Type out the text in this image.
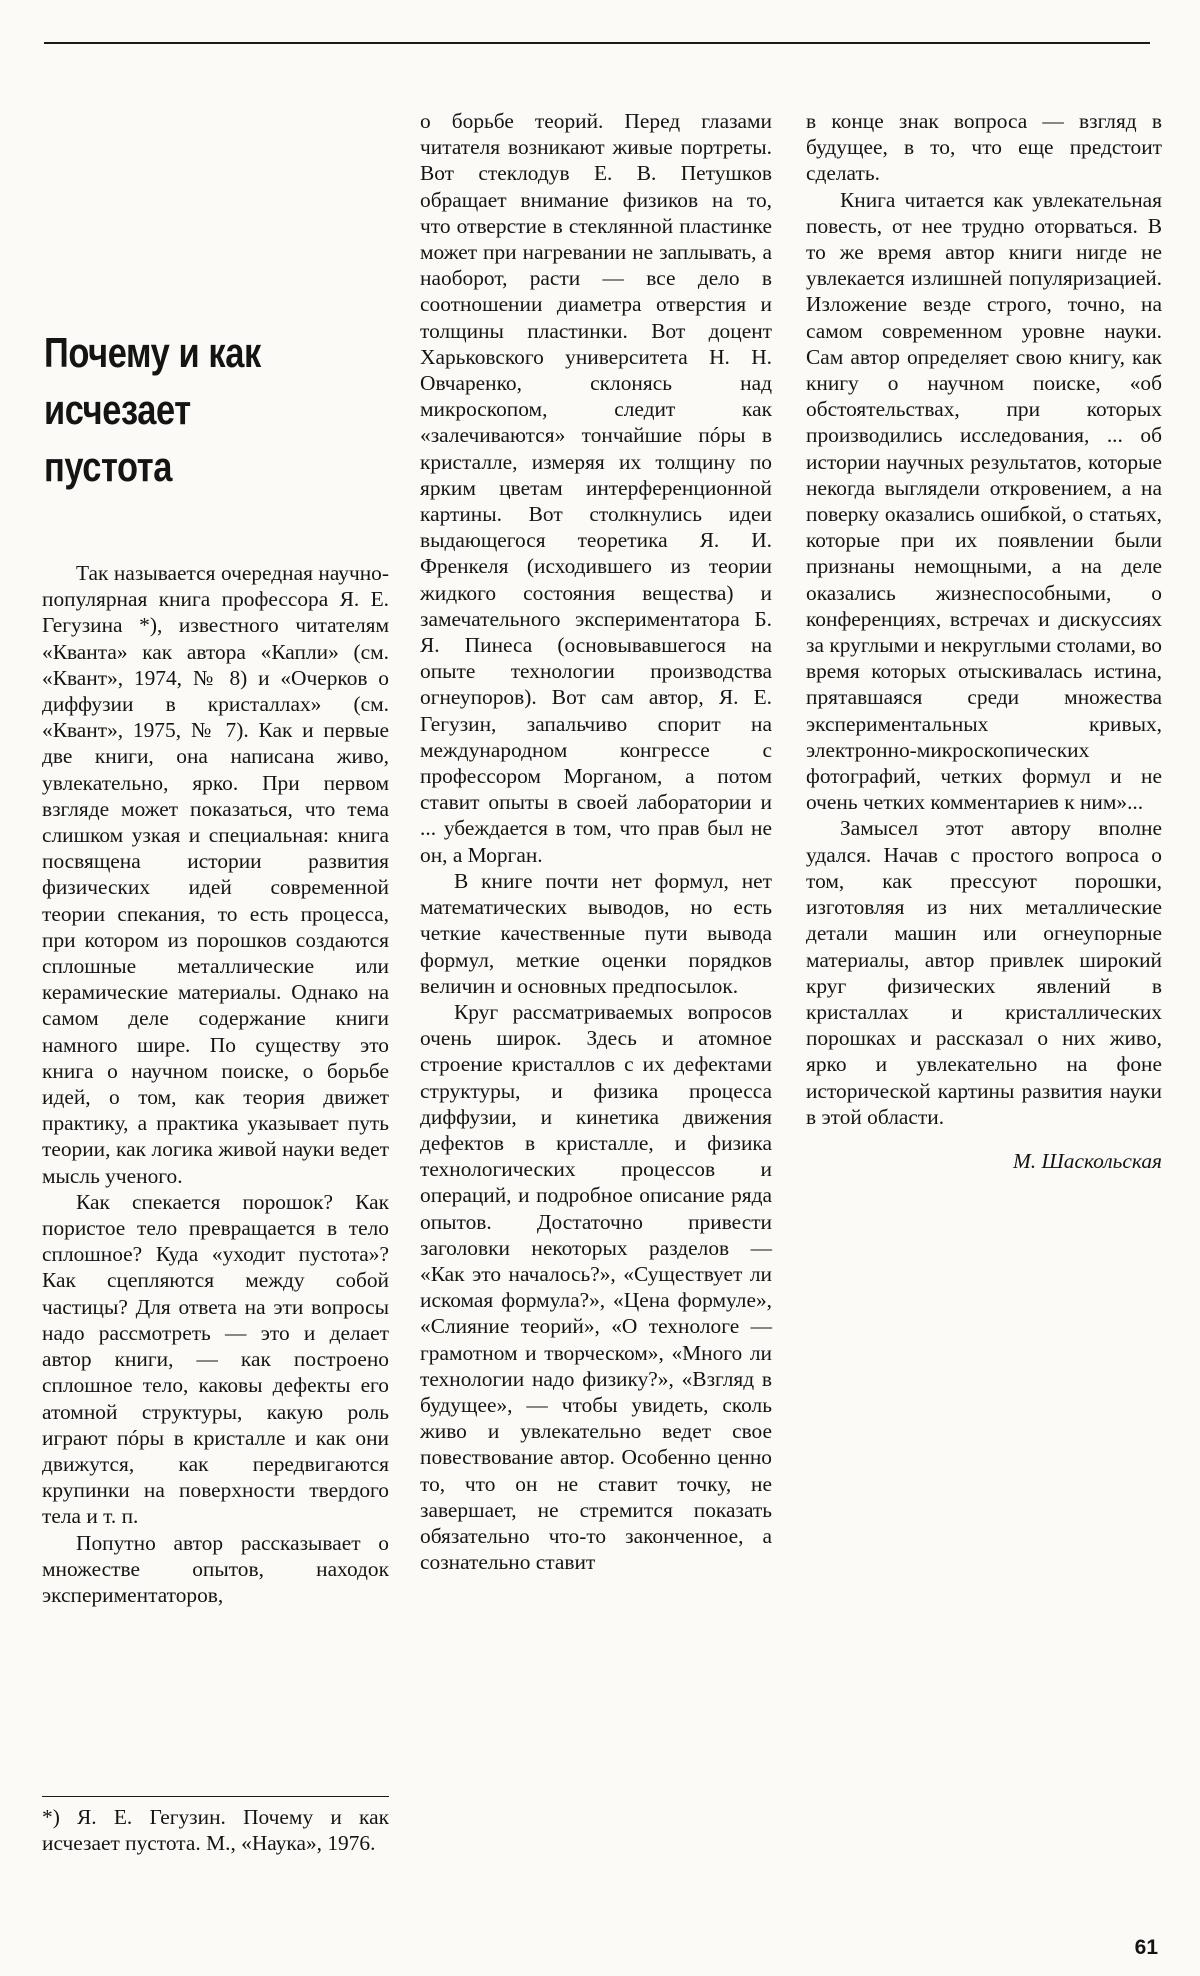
Почему и как
исчезает
пустота

Так называется очередная научно-популярная книга профессора Я. Е. Гегузина *), известного читателям «Кванта» как автора «Капли» (см. «Квант», 1974, № 8) и «Очерков о диффузии в кристаллах» (см. «Квант», 1975, № 7). Как и первые две книги, она написана живо, увлекательно, ярко. При первом взгляде может показаться, что тема слишком узкая и специальная: книга посвящена истории развития физических идей современной теории спекания, то есть процесса, при котором из порошков создаются сплошные металлические или керамические материалы. Однако на самом деле содержание книги намного шире. По существу это книга о научном поиске, о борьбе идей, о том, как теория движет практику, а практика указывает путь теории, как логика живой науки ведет мысль ученого.

Как спекается порошок? Как пористое тело превращается в тело сплошное? Куда «уходит пустота»? Как сцепляются между собой частицы? Для ответа на эти вопросы надо рассмотреть — это и делает автор книги, — как построено сплошное тело, каковы дефекты его атомной структуры, какую роль играют пóры в кристалле и как они движутся, как передвигаются крупинки на поверхности твердого тела и т. п.

Попутно автор рассказывает о множестве опытов, находок экспериментаторов,

*) Я. Е. Гегузин. Почему и как исчезает пустота. М., «Наука», 1976.

о борьбе теорий. Перед глазами читателя возникают живые портреты. Вот стеклодув Е. В. Петушков обращает внимание физиков на то, что отверстие в стеклянной пластинке может при нагревании не заплывать, а наоборот, расти — все дело в соотношении диаметра отверстия и толщины пластинки. Вот доцент Харьковского университета Н. Н. Овчаренко, склонясь над микроскопом, следит как «залечиваются» тончайшие пóры в кристалле, измеряя их толщину по ярким цветам интерференционной картины. Вот столкнулись идеи выдающегося теоретика Я. И. Френкеля (исходившего из теории жидкого состояния вещества) и замечательного экспериментатора Б. Я. Пинеса (основывавшегося на опыте технологии производства огнеупоров). Вот сам автор, Я. Е. Гегузин, запальчиво спорит на международном конгрессе с профессором Морганом, а потом ставит опыты в своей лаборатории и ... убеждается в том, что прав был не он, а Морган.

В книге почти нет формул, нет математических выводов, но есть четкие качественные пути вывода формул, меткие оценки порядков величин и основных предпосылок.

Круг рассматриваемых вопросов очень широк. Здесь и атомное строение кристаллов с их дефектами структуры, и физика процесса диффузии, и кинетика движения дефектов в кристалле, и физика технологических процессов и операций, и подробное описание ряда опытов. Достаточно привести заголовки некоторых разделов — «Как это началось?», «Существует ли искомая формула?», «Цена формуле», «Слияние теорий», «О технологе — грамотном и творческом», «Много ли технологии надо физику?», «Взгляд в будущее», — чтобы увидеть, сколь живо и увлекательно ведет свое повествование автор. Особенно ценно то, что он не ставит точку, не завершает, не стремится показать обязательно что-то законченное, а сознательно ставит

в конце знак вопроса — взгляд в будущее, в то, что еще предстоит сделать.

Книга читается как увлекательная повесть, от нее трудно оторваться. В то же время автор книги нигде не увлекается излишней популяризацией. Изложение везде строго, точно, на самом современном уровне науки. Сам автор определяет свою книгу, как книгу о научном поиске, «об обстоятельствах, при которых производились исследования, ... об истории научных результатов, которые некогда выглядели откровением, а на поверку оказались ошибкой, о статьях, которые при их появлении были признаны немощными, а на деле оказались жизнеспособными, о конференциях, встречах и дискуссиях за круглыми и некруглыми столами, во время которых отыскивалась истина, прятавшаяся среди множества экспериментальных кривых, электронно-микроскопических фотографий, четких формул и не очень четких комментариев к ним»...

Замысел этот автору вполне удался. Начав с простого вопроса о том, как прессуют порошки, изготовляя из них металлические детали машин или огнеупорные материалы, автор привлек широкий круг физических явлений в кристаллах и кристаллических порошках и рассказал о них живо, ярко и увлекательно на фоне исторической картины развития науки в этой области.

М. Шаскольская
61
